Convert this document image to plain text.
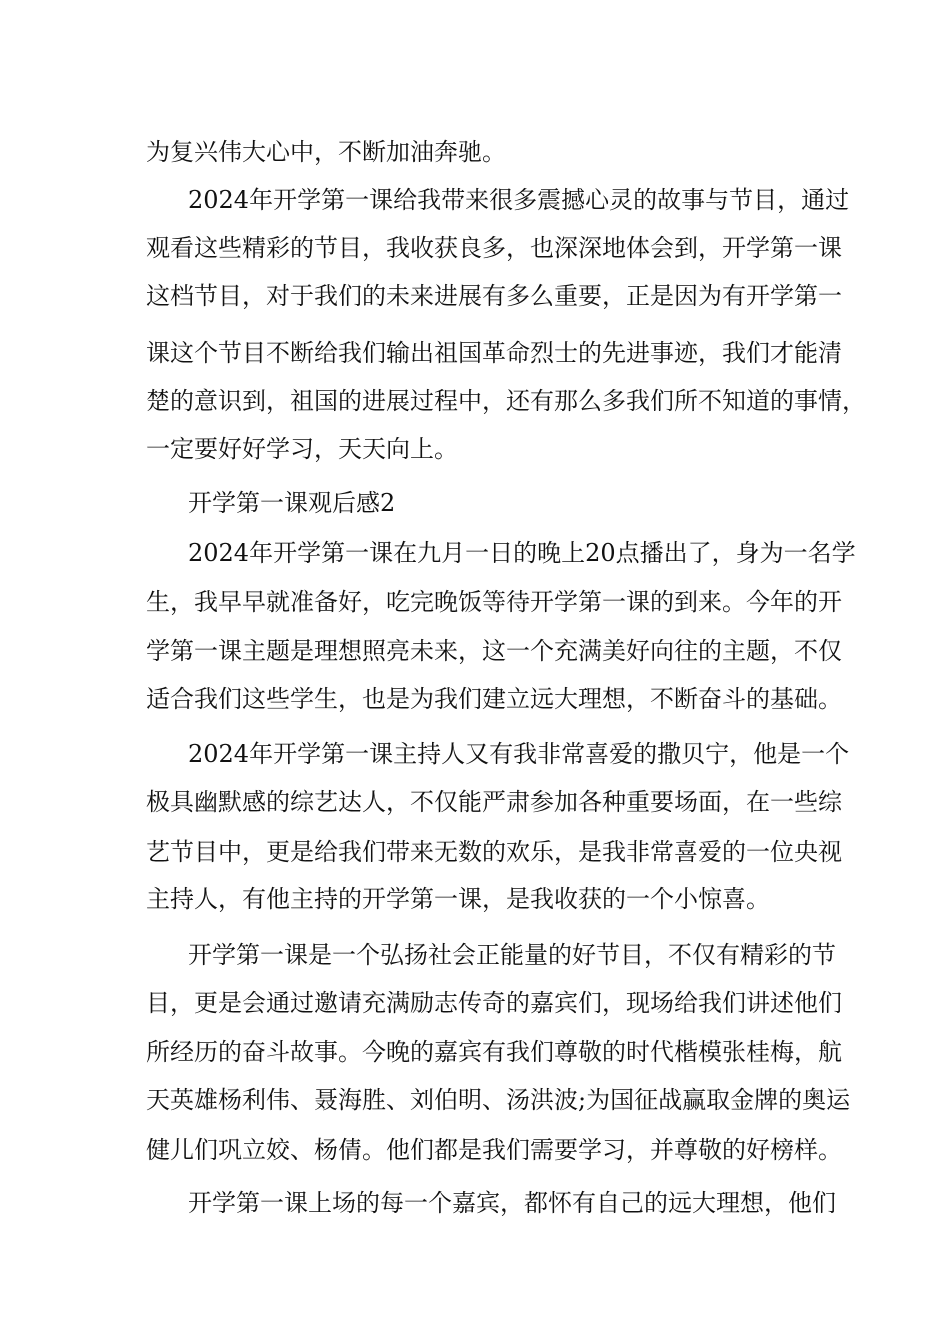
为复兴伟大心中，不断加油奔驰。
2024年开学第一课给我带来很多震撼心灵的故事与节目，通过
观看这些精彩的节目，我收获良多，也深深地体会到，开学第一课
这档节目，对于我们的未来进展有多么重要，正是因为有开学第一
课这个节目不断给我们输出祖国革命烈士的先进事迹，我们才能清
楚的意识到，祖国的进展过程中，还有那么多我们所不知道的事情，
一定要好好学习，天天向上。
开学第一课观后感2
2024年开学第一课在九月一日的晚上20点播出了，身为一名学
生，我早早就准备好，吃完晚饭等待开学第一课的到来。今年的开
学第一课主题是理想照亮未来，这一个充满美好向往的主题，不仅
适合我们这些学生，也是为我们建立远大理想，不断奋斗的基础。
2024年开学第一课主持人又有我非常喜爱的撒贝宁，他是一个
极具幽默感的综艺达人，不仅能严肃参加各种重要场面，在一些综
艺节目中，更是给我们带来无数的欢乐，是我非常喜爱的一位央视
主持人，有他主持的开学第一课，是我收获的一个小惊喜。
开学第一课是一个弘扬社会正能量的好节目，不仅有精彩的节
目，更是会通过邀请充满励志传奇的嘉宾们，现场给我们讲述他们
所经历的奋斗故事。今晚的嘉宾有我们尊敬的时代楷模张桂梅，航
天英雄杨利伟、聂海胜、刘伯明、汤洪波;为国征战赢取金牌的奥运
健儿们巩立姣、杨倩。他们都是我们需要学习，并尊敬的好榜样。
开学第一课上场的每一个嘉宾，都怀有自己的远大理想，他们
